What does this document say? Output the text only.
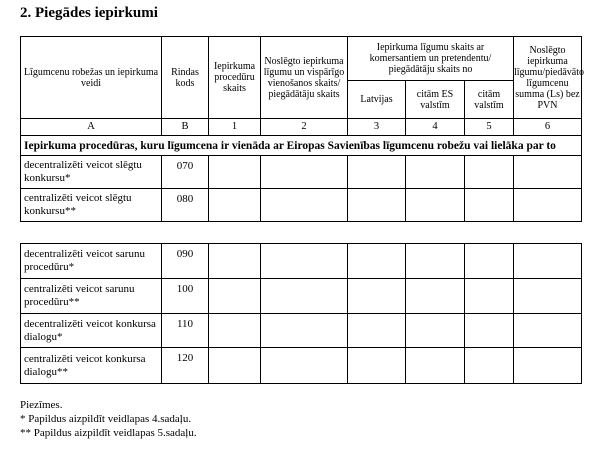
2. Piegādes iepirkumi
Līgumcenu robežas un iepirkuma veidi	Rindas kods	Iepirkuma procedūru skaits	Noslēgto iepirkuma līgumu un vispārīgo vienošanos skaits/ piegādātāju skaits	Iepirkuma līgumu skaits ar komersantiem un pretendentu/ piegādātāju skaits no			Noslēgto iepirkuma līgumu/piedāvāto līgumcenu summa (Ls) bez PVN
				Latvijas	citām ES valstīm	citām valstīm	
A	B	1	2	3	4	5	6
Iepirkuma procedūras, kuru līgumcena ir vienāda ar Eiropas Savienības līgumcenu robežu vai lielāka par to							
decentralizēti veicot slēgtu konkursu*	070						
centralizēti veicot slēgtu konkursu**	080						
decentralizēti veicot sarunu procedūru*	090						
centralizēti veicot sarunu procedūru**	100						
decentralizēti veicot konkursa dialogu*	110						
centralizēti veicot konkursa dialogu**	120						
Piezīmes.
* Papildus aizpildīt veidlapas 4.sadaļu.
** Papildus aizpildīt veidlapas 5.sadaļu.
